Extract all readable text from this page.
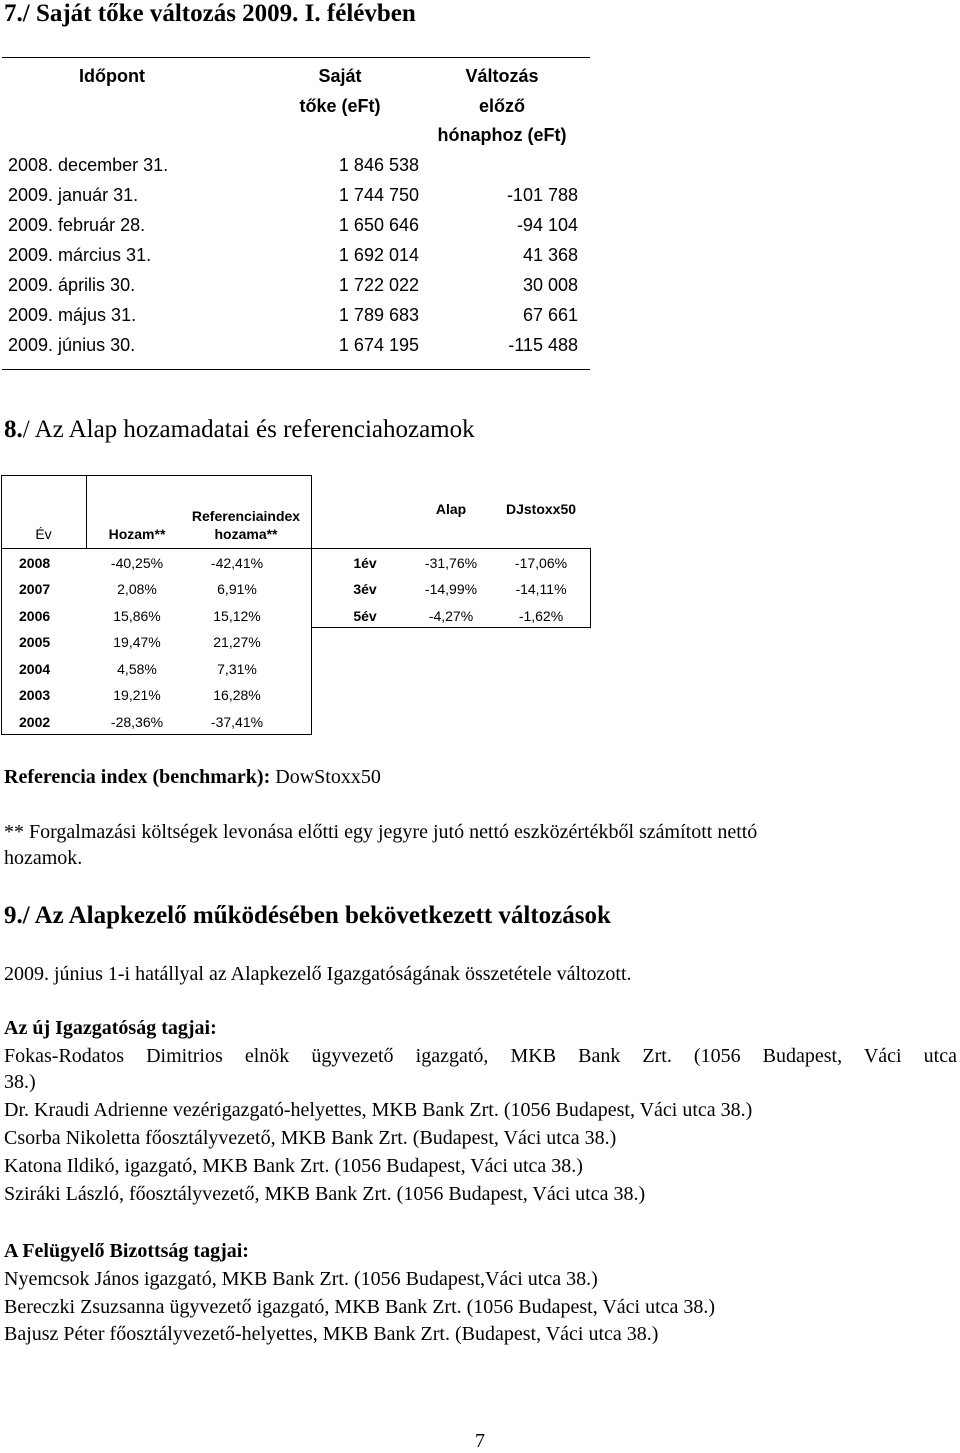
7./ Saját tőke változás 2009. I. félévben
Időpont	Saját
tőke (eFt)
Változás
előző
hónaphoz (eFt)
2008. december 31.	1 846 538
2009. január 31.	1 744 750	-101 788
2009. február 28.	1 650 646	-94 104
2009. március 31.	1 692 014	41 368
2009. április 30.	1 722 022	30 008
2009. május 31.	1 789 683	67 661
2009. június 30.	1 674 195	-115 488
8./ Az Alap hozamadatai és referenciahozamok
Év	Hozam**
Referenciaindex
hozama**
Alap	DJstoxx50
2008	-40,25%	-42,41%
2007	2,08%	6,91%
2006	15,86%	15,12%
2005	19,47%	21,27%
2004	4,58%	7,31%
2003	19,21%	16,28%
2002	-28,36%	-37,41%
1év	-31,76%	-17,06%
3év	-14,99%	-14,11%
5év	-4,27%	-1,62%
Referencia index (benchmark): DowStoxx50
** Forgalmazási költségek levonása előtti egy jegyre jutó nettó eszközértékből számított nettó
hozamok.
9./ Az Alapkezelő működésében bekövetkezett változások
2009. június 1-i hatállyal az Alapkezelő Igazgatóságának összetétele változott.
Az új Igazgatóság tagjai:
Fokas-Rodatos Dimitrios elnök ügyvezető igazgató, MKB Bank Zrt. (1056 Budapest, Váci utca
38.)
Dr. Kraudi Adrienne vezérigazgató-helyettes, MKB Bank Zrt. (1056 Budapest, Váci utca 38.)
Csorba Nikoletta főosztályvezető, MKB Bank Zrt. (Budapest, Váci utca 38.)
Katona Ildikó, igazgató, MKB Bank Zrt. (1056 Budapest, Váci utca 38.)
Sziráki László, főosztályvezető, MKB Bank Zrt. (1056 Budapest, Váci utca 38.)
A Felügyelő Bizottság tagjai:
Nyemcsok János igazgató, MKB Bank Zrt. (1056 Budapest,Váci utca 38.)
Bereczki Zsuzsanna ügyvezető igazgató, MKB Bank Zrt. (1056 Budapest, Váci utca 38.)
Bajusz Péter főosztályvezető-helyettes, MKB Bank Zrt. (Budapest, Váci utca 38.)
7
